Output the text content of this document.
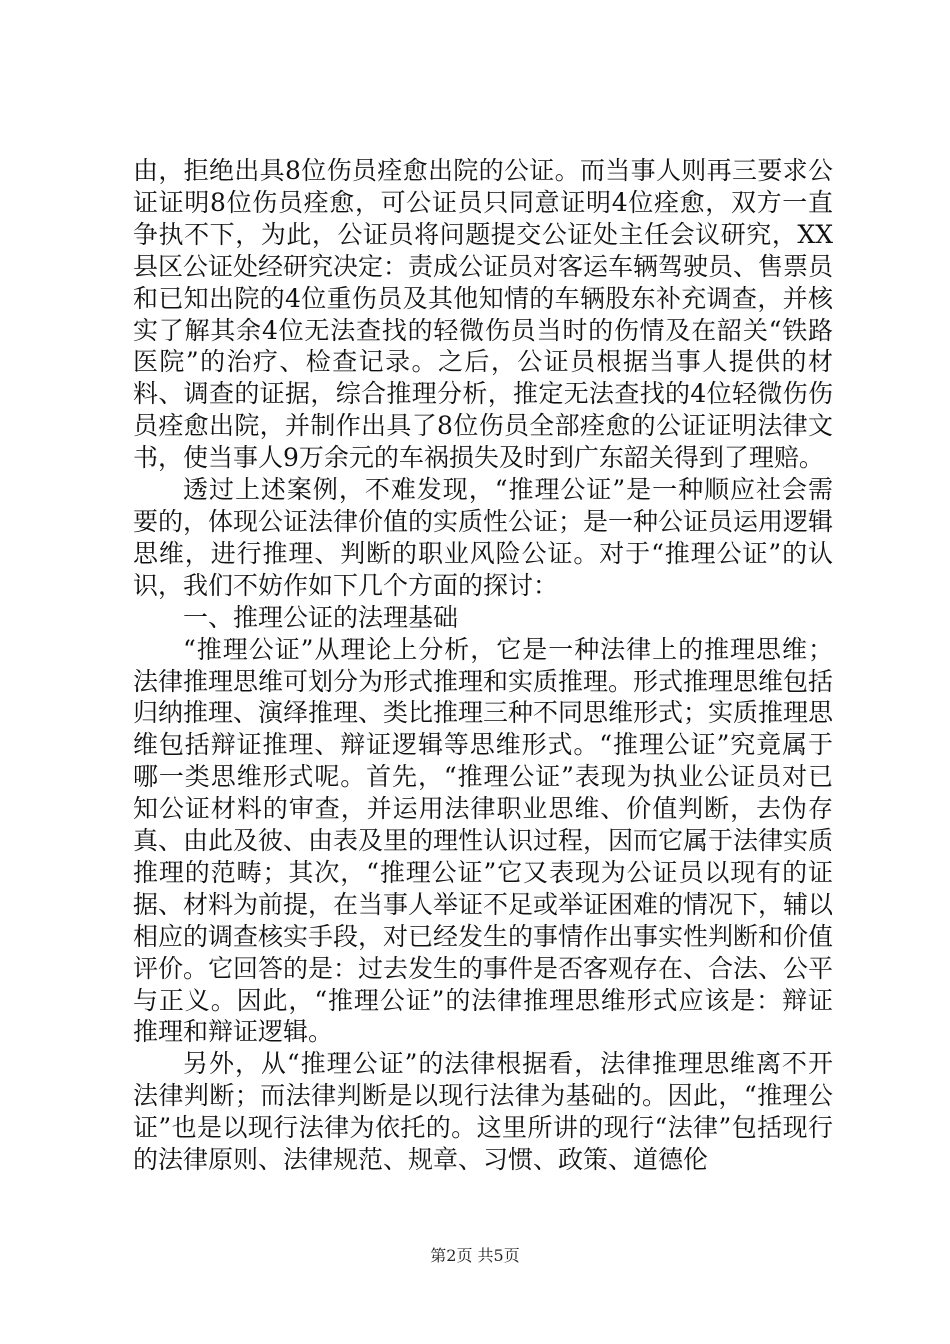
由，拒绝出具8位伤员痊愈出院的公证。而当事人则再三要求公证证明8位伤员痊愈，可公证员只同意证明4位痊愈，双方一直争执不下，为此，公证员将问题提交公证处主任会议研究，XX县区公证处经研究决定：责成公证员对客运车辆驾驶员、售票员和已知出院的4位重伤员及其他知情的车辆股东补充调查，并核实了解其余4位无法查找的轻微伤员当时的伤情及在韶关“铁路医院”的治疗、检查记录。之后，公证员根据当事人提供的材料、调查的证据，综合推理分析，推定无法查找的4位轻微伤伤员痊愈出院，并制作出具了8位伤员全部痊愈的公证证明法律文书，使当事人9万余元的车祸损失及时到广东韶关得到了理赔。

透过上述案例，不难发现，“推理公证”是一种顺应社会需要的，体现公证法律价值的实质性公证；是一种公证员运用逻辑思维，进行推理、判断的职业风险公证。对于“推理公证”的认识，我们不妨作如下几个方面的探讨：

一、推理公证的法理基础

“推理公证”从理论上分析，它是一种法律上的推理思维；法律推理思维可划分为形式推理和实质推理。形式推理思维包括归纳推理、演绎推理、类比推理三种不同思维形式；实质推理思维包括辩证推理、辩证逻辑等思维形式。“推理公证”究竟属于哪一类思维形式呢。首先，“推理公证”表现为执业公证员对已知公证材料的审查，并运用法律职业思维、价值判断，去伪存真、由此及彼、由表及里的理性认识过程，因而它属于法律实质推理的范畴；其次，“推理公证”它又表现为公证员以现有的证据、材料为前提，在当事人举证不足或举证困难的情况下，辅以相应的调查核实手段，对已经发生的事情作出事实性判断和价值评价。它回答的是：过去发生的事件是否客观存在、合法、公平与正义。因此，“推理公证”的法律推理思维形式应该是：辩证推理和辩证逻辑。

另外，从“推理公证”的法律根据看，法律推理思维离不开法律判断；而法律判断是以现行法律为基础的。因此，“推理公证”也是以现行法律为依托的。这里所讲的现行“法律”包括现行的法律原则、法律规范、规章、习惯、政策、道德伦

第2页 共5页
